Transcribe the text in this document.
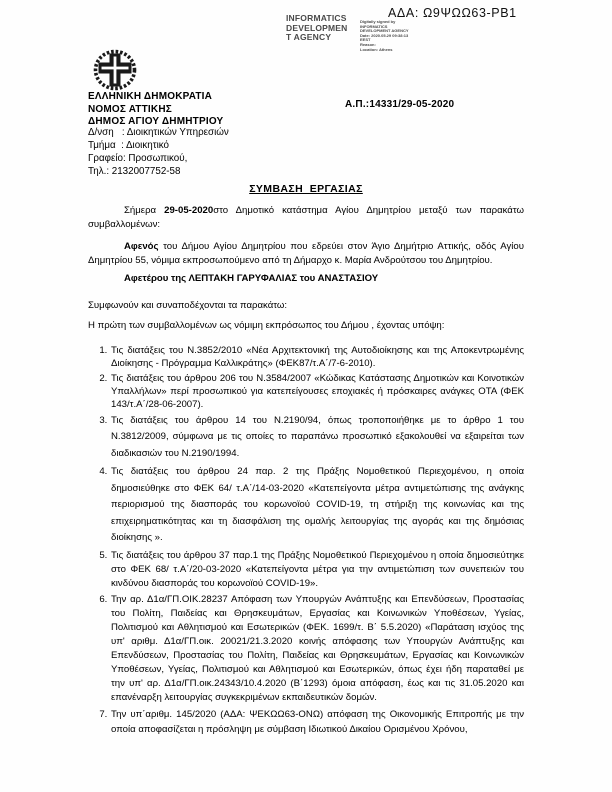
ΑΔΑ: Ω9ΨΩΩ63-ΡΒ1
INFORMATICS
DEVELOPMEN
T AGENCY
Digitally signed by
INFORMATICS
DEVELOPMENT AGENCY
Date: 2020.05.29 09:38:13
EEST
Reason:
Location: Athens
ΕΛΛΗΝΙΚΗ ΔΗΜΟΚΡΑΤΙΑ
ΝΟΜΟΣ ΑΤΤΙΚΗΣ
ΔΗΜΟΣ ΑΓΙΟΥ ΔΗΜΗΤΡΙΟΥ
Α.Π.:14331/29-05-2020
Δ/νση   : Διοικητικών Υπηρεσιών
Τμήμα  : Διοικητικό
Γραφείο: Προσωπικού,
Τηλ.: 2132007752-58
ΣΥΜΒΑΣΗ  ΕΡΓΑΣΙΑΣ

Σήμερα 29-05-2020στο Δημοτικό κατάστημα Αγίου Δημητρίου μεταξύ των παρακάτω συμβαλλομένων:

Αφενός του Δήμου Αγίου Δημητρίου που εδρεύει στον Άγιο Δημήτριο Αττικής, οδός Αγίου Δημητρίου 55, νόμιμα εκπροσωπούμενο από τη Δήμαρχο κ. Μαρία Ανδρούτσου του Δημητρίου.

Αφετέρου της ΛΕΠΤΑΚΗ ΓΑΡΥΦΑΛΙΑΣ του ΑΝΑΣΤΑΣΙΟΥ

Συμφωνούν και συναποδέχονται τα παρακάτω:

Η πρώτη των συμβαλλομένων ως νόμιμη εκπρόσωπος του Δήμου , έχοντας υπόψη:

1. Τις διατάξεις του Ν.3852/2010 «Νέα Αρχιτεκτονική της Αυτοδιοίκησης και της Αποκεντρωμένης Διοίκησης - Πρόγραμμα Καλλικράτης» (ΦΕΚ87/τ.Α΄/7-6-2010).
2. Τις διατάξεις του άρθρου 206 του Ν.3584/2007 «Κώδικας Κατάστασης Δημοτικών και Κοινοτικών Υπαλλήλων» περί προσωπικού για κατεπείγουσες εποχιακές ή πρόσκαιρες ανάγκες ΟΤΑ (ΦΕΚ 143/τ.Α΄/28-06-2007).
3. Τις διατάξεις του άρθρου 14 του Ν.2190/94, όπως τροποποιήθηκε με το άρθρο 1 του Ν.3812/2009, σύμφωνα με τις οποίες το παραπάνω προσωπικό εξακολουθεί να εξαιρείται των διαδικασιών του Ν.2190/1994.
4. Τις διατάξεις του άρθρου 24 παρ. 2 της Πράξης Νομοθετικού Περιεχομένου, η οποία δημοσιεύθηκε στο ΦΕΚ 64/ τ.Α΄/14-03-2020 «Κατεπείγοντα μέτρα αντιμετώπισης της ανάγκης περιορισμού της διασποράς του κορωνοϊού COVID-19, τη στήριξη της κοινωνίας και της επιχειρηματικότητας και τη διασφάλιση της ομαλής λειτουργίας της αγοράς και της δημόσιας διοίκησης ».
5. Τις διατάξεις του άρθρου 37 παρ.1 της Πράξης Νομοθετικού Περιεχομένου η οποία δημοσιεύτηκε στο ΦΕΚ 68/ τ.Α΄/20-03-2020 «Κατεπείγοντα μέτρα για την αντιμετώπιση των συνεπειών του κινδύνου διασποράς του κορωνοϊού COVID-19».
6. Την αρ. Δ1α/ΓΠ.ΟΙΚ.28237 Απόφαση των Υπουργών Ανάπτυξης και Επενδύσεων, Προστασίας του Πολίτη, Παιδείας και Θρησκευμάτων, Εργασίας και Κοινωνικών Υποθέσεων, Υγείας, Πολιτισμού και Αθλητισμού και Εσωτερικών (ΦΕΚ. 1699/τ. Β΄ 5.5.2020) «Παράταση ισχύος της υπ' αριθμ. Δ1α/ΓΠ.οικ. 20021/21.3.2020 κοινής απόφασης των Υπουργών Ανάπτυξης και Επενδύσεων, Προστασίας του Πολίτη, Παιδείας και Θρησκευμάτων, Εργασίας και Κοινωνικών Υποθέσεων, Υγείας, Πολιτισμού και Αθλητισμού και Εσωτερικών, όπως έχει ήδη παραταθεί με την υπ' αρ. Δ1α/ΓΠ.οικ.24343/10.4.2020 (Β΄1293) όμοια απόφαση, έως και τις 31.05.2020 και επανέναρξη λειτουργίας συγκεκριμένων εκπαιδευτικών δομών.
7. Την υπ΄αριθμ. 145/2020 (ΑΔΑ: ΨΕΚΩΩ63-ΟΝΩ) απόφαση της Οικονομικής Επιτροπής με την οποία αποφασίζεται η πρόσληψη με σύμβαση Ιδιωτικού Δικαίου Ορισμένου Χρόνου,
